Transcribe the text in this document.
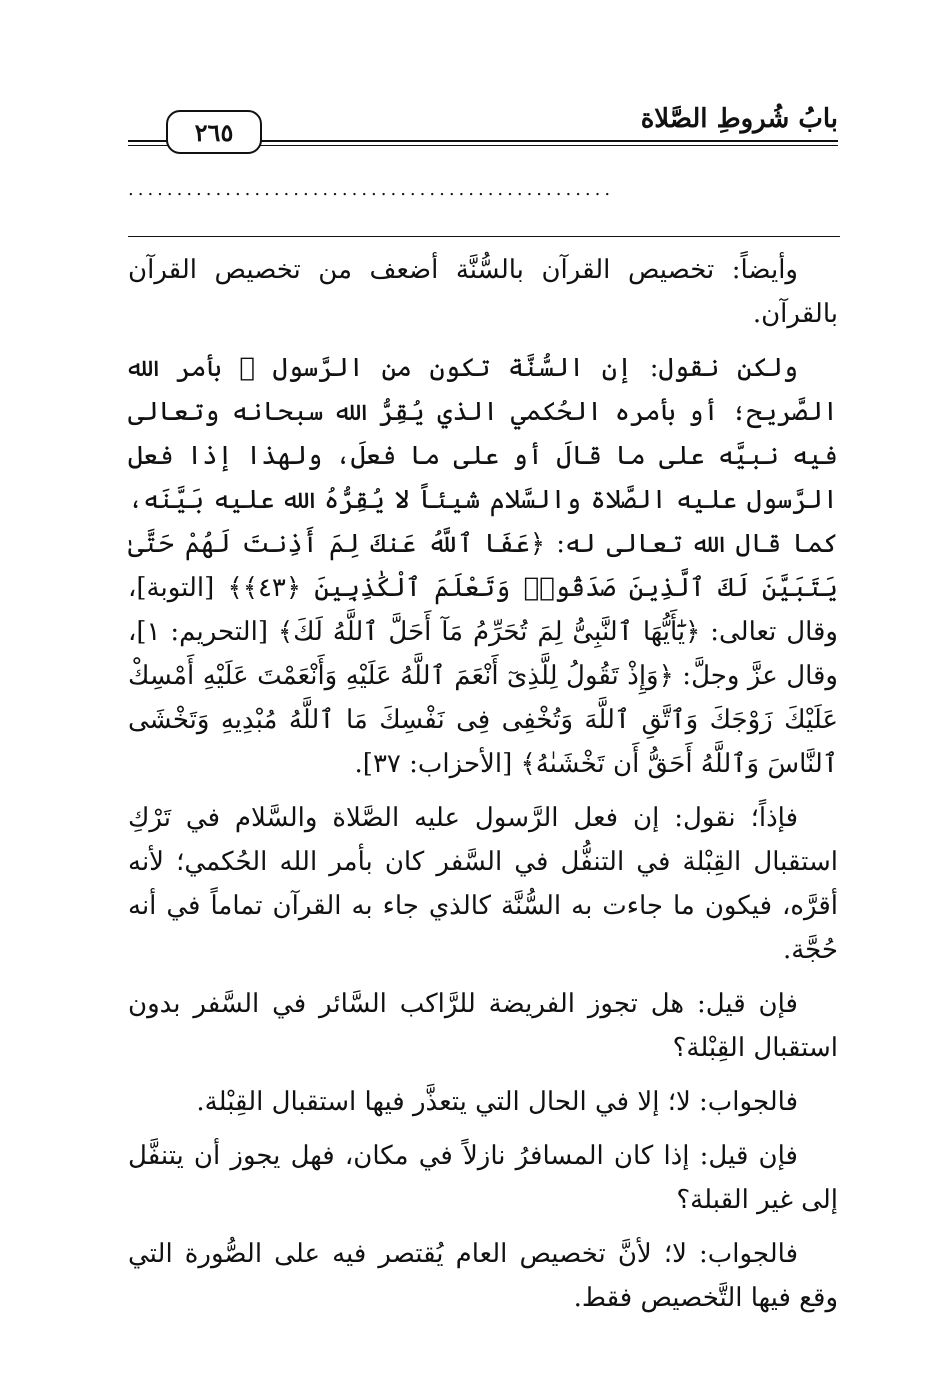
بابُ شُروطِ الصَّلاة
٢٦٥
..................................................

وأيضاً: تخصيص القرآن بالسُّنَّة أضعف من تخصيص القرآن بالقرآن.

ولكن نقول: إن السُّنَّة تكون من الرَّسول ﷺ بأمر الله الصَّريح؛ أو بأمره الحُكمي الذي يُقِرُّ الله سبحانه وتعالى فيه نبيَّه على ما قالَ أو على ما فعلَ، ولهذا إذا فعل الرَّسول عليه الصَّلاة والسَّلام شيئاً لا يُقِرُّهُ الله عليه بَيَّنَه، كما قال الله تعالى له: ﴿عَفَا ٱللَّهُ عَنكَ لِمَ أَذِنتَ لَهُمْ حَتَّىٰ يَتَبَيَّنَ لَكَ ٱلَّذِينَ صَدَقُوا۟ وَتَعْلَمَ ٱلْكَٰذِبِينَ ﴿٤٣﴾﴾ [التوبة]، وقال تعالى: ﴿يَٰٓأَيُّهَا ٱلنَّبِىُّ لِمَ تُحَرِّمُ مَآ أَحَلَّ ٱللَّهُ لَكَ﴾ [التحريم: ١]، وقال عزَّ وجلَّ: ﴿وَإِذْ تَقُولُ لِلَّذِىٓ أَنْعَمَ ٱللَّهُ عَلَيْهِ وَأَنْعَمْتَ عَلَيْهِ أَمْسِكْ عَلَيْكَ زَوْجَكَ وَٱتَّقِ ٱللَّهَ وَتُخْفِى فِى نَفْسِكَ مَا ٱللَّهُ مُبْدِيهِ وَتَخْشَى ٱلنَّاسَ وَٱللَّهُ أَحَقُّ أَن تَخْشَىٰهُ﴾ [الأحزاب: ٣٧].

فإذاً؛ نقول: إن فعل الرَّسول عليه الصَّلاة والسَّلام في تَرْكِ استقبال القِبْلة في التنفُّل في السَّفر كان بأمر الله الحُكمي؛ لأنه أقرَّه، فيكون ما جاءت به السُّنَّة كالذي جاء به القرآن تماماً في أنه حُجَّة.

فإن قيل: هل تجوز الفريضة للرَّاكب السَّائر في السَّفر بدون استقبال القِبْلة؟

فالجواب: لا؛ إلا في الحال التي يتعذَّر فيها استقبال القِبْلة.

فإن قيل: إذا كان المسافرُ نازلاً في مكان، فهل يجوز أن يتنفَّل إلى غير القبلة؟

فالجواب: لا؛ لأنَّ تخصيص العام يُقتصر فيه على الصُّورة التي وقع فيها التَّخصيص فقط.
